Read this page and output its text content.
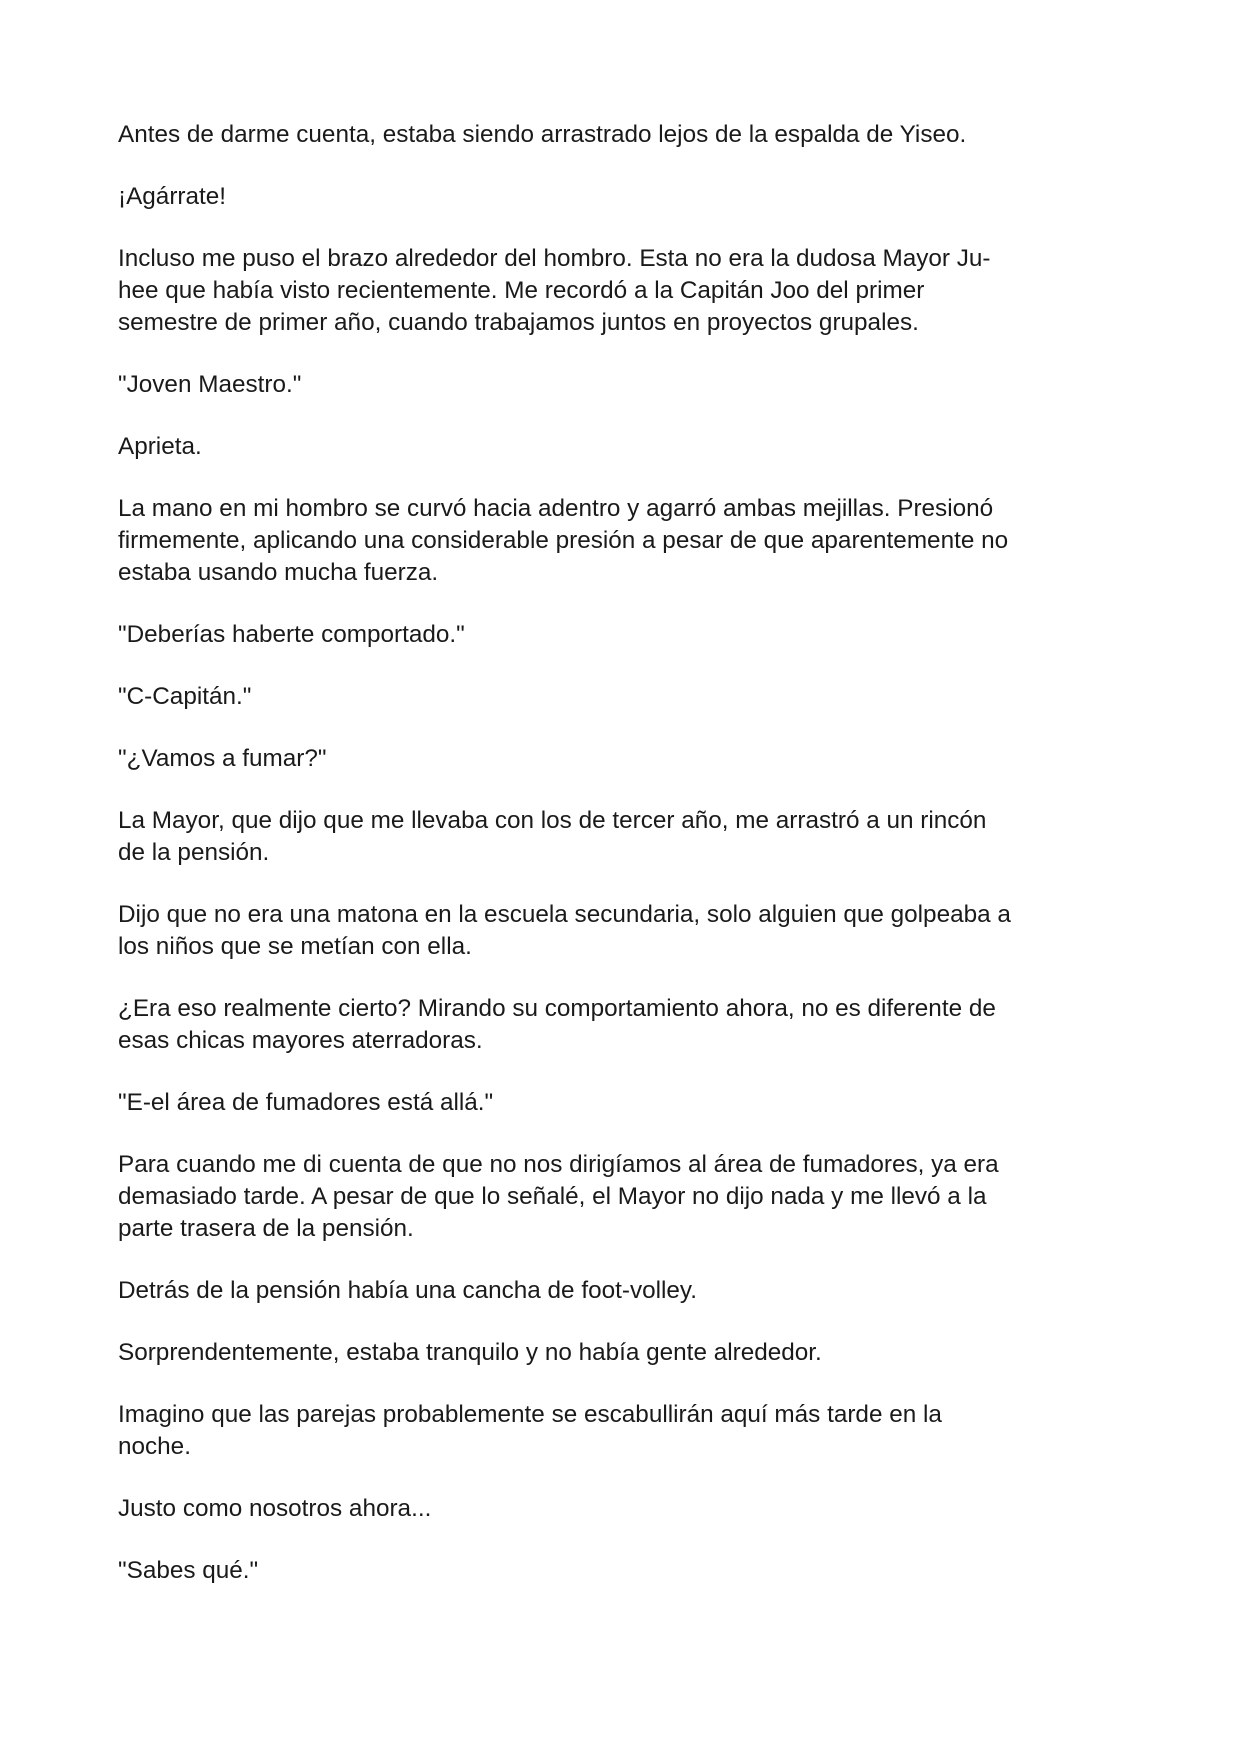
Antes de darme cuenta, estaba siendo arrastrado lejos de la espalda de Yiseo.

¡Agárrate!

Incluso me puso el brazo alrededor del hombro. Esta no era la dudosa Mayor Ju-
hee que había visto recientemente. Me recordó a la Capitán Joo del primer
semestre de primer año, cuando trabajamos juntos en proyectos grupales.

"Joven Maestro."

Aprieta.

La mano en mi hombro se curvó hacia adentro y agarró ambas mejillas. Presionó
firmemente, aplicando una considerable presión a pesar de que aparentemente no
estaba usando mucha fuerza.

"Deberías haberte comportado."

"C-Capitán."

"¿Vamos a fumar?"

La Mayor, que dijo que me llevaba con los de tercer año, me arrastró a un rincón
de la pensión.

Dijo que no era una matona en la escuela secundaria, solo alguien que golpeaba a
los niños que se metían con ella.

¿Era eso realmente cierto? Mirando su comportamiento ahora, no es diferente de
esas chicas mayores aterradoras.

"E-el área de fumadores está allá."

Para cuando me di cuenta de que no nos dirigíamos al área de fumadores, ya era
demasiado tarde. A pesar de que lo señalé, el Mayor no dijo nada y me llevó a la
parte trasera de la pensión.

Detrás de la pensión había una cancha de foot-volley.

Sorprendentemente, estaba tranquilo y no había gente alrededor.

Imagino que las parejas probablemente se escabullirán aquí más tarde en la
noche.

Justo como nosotros ahora...

"Sabes qué."
